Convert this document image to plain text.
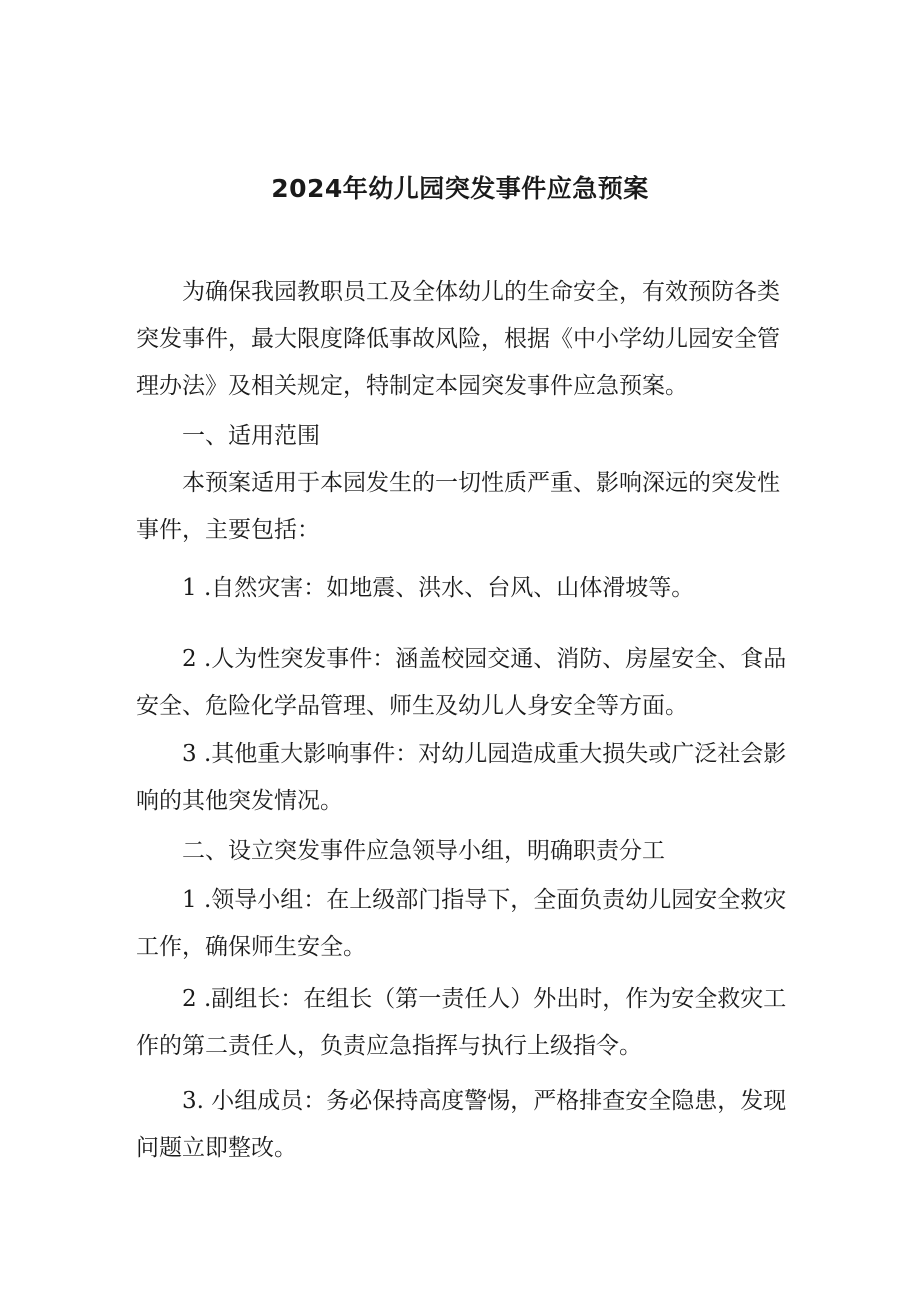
2024年幼儿园突发事件应急预案
为确保我园教职员工及全体幼儿的生命安全，有效预防各类
突发事件，最大限度降低事故风险，根据《中小学幼儿园安全管
理办法》及相关规定，特制定本园突发事件应急预案。
一、适用范围
本预案适用于本园发生的一切性质严重、影响深远的突发性
事件，主要包括：
1 .自然灾害：如地震、洪水、台风、山体滑坡等。
2 .人为性突发事件：涵盖校园交通、消防、房屋安全、食品
安全、危险化学品管理、师生及幼儿人身安全等方面。
3 .其他重大影响事件：对幼儿园造成重大损失或广泛社会影
响的其他突发情况。
二、设立突发事件应急领导小组，明确职责分工
1 .领导小组：在上级部门指导下，全面负责幼儿园安全救灾
工作，确保师生安全。
2 .副组长：在组长（第一责任人）外出时，作为安全救灾工
作的第二责任人，负责应急指挥与执行上级指令。
3. 小组成员：务必保持高度警惕，严格排查安全隐患，发现
问题立即整改。
